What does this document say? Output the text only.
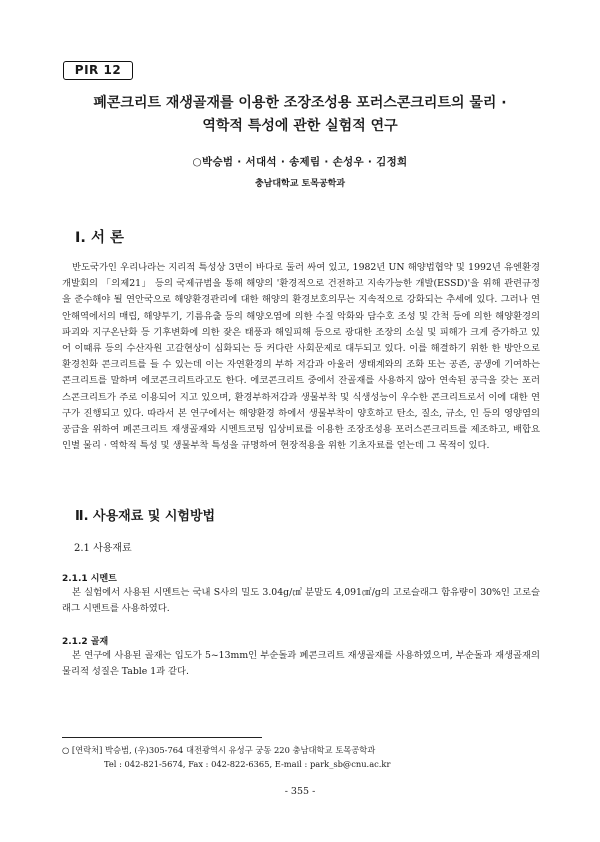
PIR 12
폐콘크리트 재생골재를 이용한 조장조성용 포러스콘크리트의 물리 ·
역학적 특성에 관한 실험적 연구
○박승범 · 서대석 · 송제림 · 손성우 · 김정희
충남대학교 토목공학과
Ⅰ. 서 론

반도국가인 우리나라는 지리적 특성상 3면이 바다로 둘러 싸여 있고, 1982년 UN 해양법협약 및 1992년 유엔환경개발회의 「의제21」 등의 국제규범을 통해 해양의 '환경적으로 건전하고 지속가능한 개발(ESSD)'을 위해 관련규정을 준수해야 될 연안국으로 해양환경관리에 대한 해양의 환경보호의무는 지속적으로 강화되는 추세에 있다. 그러나 연안해역에서의 매립, 해양투기, 기름유출 등의 해양오염에 의한 수질 악화와 담수호 조성 및 간척 등에 의한 해양환경의 파괴와 지구온난화 등 기후변화에 의한 잦은 태풍과 해일피해 등으로 광대한 조장의 소실 및 피해가 크게 증가하고 있어 이때류 등의 수산자원 고갈현상이 심화되는 등 커다란 사회문제로 대두되고 있다. 이를 해결하기 위한 한 방안으로 환경친화 콘크리트를 들 수 있는데 이는 자연환경의 부하 저감과 아울러 생태계와의 조화 또는 공존, 공생에 기여하는 콘크리트를 말하며 에코콘크리트라고도 한다. 에코콘크리트 중에서 잔골재를 사용하지 않아 연속된 공극을 갖는 포러스콘크리트가 주로 이용되어 지고 있으며, 환경부하저감과 생물부착 및 식생성능이 우수한 콘크리트로서 이에 대한 연구가 진행되고 있다. 따라서 본 연구에서는 해양환경 하에서 생물부착이 양호하고 탄소, 질소, 규소, 인 등의 영양염의 공급을 위하여 폐콘크리트 재생골재와 시멘트코팅 입상비료를 이용한 조장조성용 포러스콘크리트를 제조하고, 배합요인별 물리 · 역학적 특성 및 생물부착 특성을 규명하여 현장적용을 위한 기초자료를 얻는데 그 목적이 있다.

Ⅱ. 사용재료 및 시험방법
2.1 사용재료
2.1.1 시멘트

본 실험에서 사용된 시멘트는 국내 S사의 밀도 3.04g/㎤ 분말도 4,091㎠/g의 고로슬래그 함유량이 30%인 고로슬래그 시멘트를 사용하였다.

2.1.2 골재

본 연구에 사용된 골재는 입도가 5~13mm인 부순돌과 폐콘크리트 재생골재를 사용하였으며, 부순돌과 재생골재의 물리적 성질은 Table 1과 같다.

○ [연락처] 박승범, (우)305-764 대전광역시 유성구 궁동 220 충남대학교 토목공학과
Tel : 042-821-5674, Fax : 042-822-6365, E-mail : park_sb@cnu.ac.kr
- 355 -
